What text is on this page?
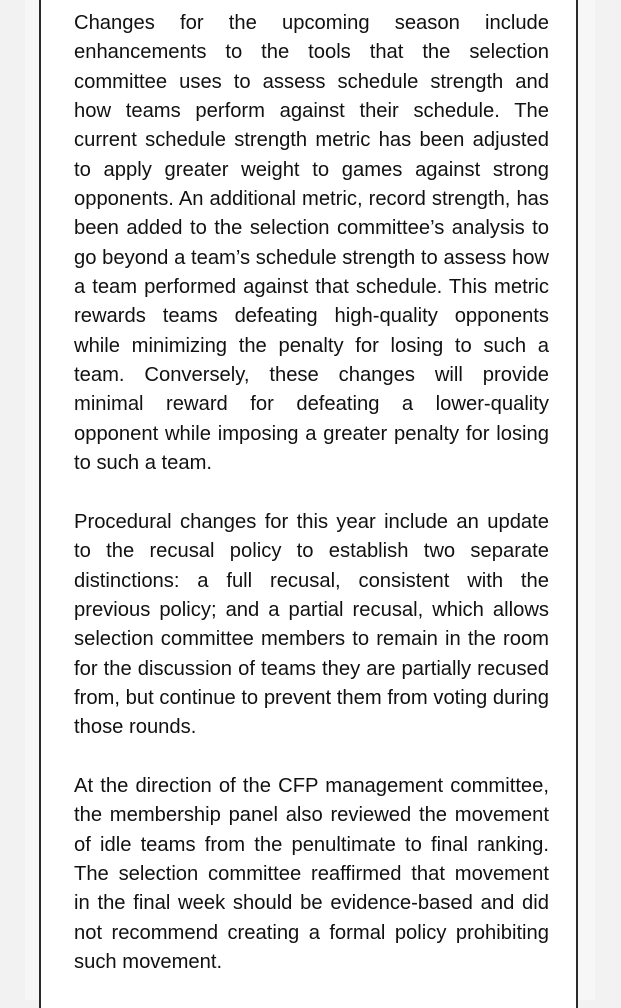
Changes for the upcoming season include enhancements to the tools that the selection committee uses to assess schedule strength and how teams perform against their schedule. The current schedule strength metric has been adjusted to apply greater weight to games against strong opponents. An additional metric, record strength, has been added to the selection committee’s analysis to go beyond a team’s schedule strength to assess how a team performed against that schedule. This metric rewards teams defeating high-quality opponents while minimizing the penalty for losing to such a team. Conversely, these changes will provide minimal reward for defeating a lower-quality opponent while imposing a greater penalty for losing to such a team.

Procedural changes for this year include an update to the recusal policy to establish two separate distinctions: a full recusal, consistent with the previous policy; and a partial recusal, which allows selection committee members to remain in the room for the discussion of teams they are partially recused from, but continue to prevent them from voting during those rounds.

At the direction of the CFP management committee, the membership panel also reviewed the movement of idle teams from the penultimate to final ranking. The selection committee reaffirmed that movement in the final week should be evidence-based and did not recommend creating a formal policy prohibiting such movement.
